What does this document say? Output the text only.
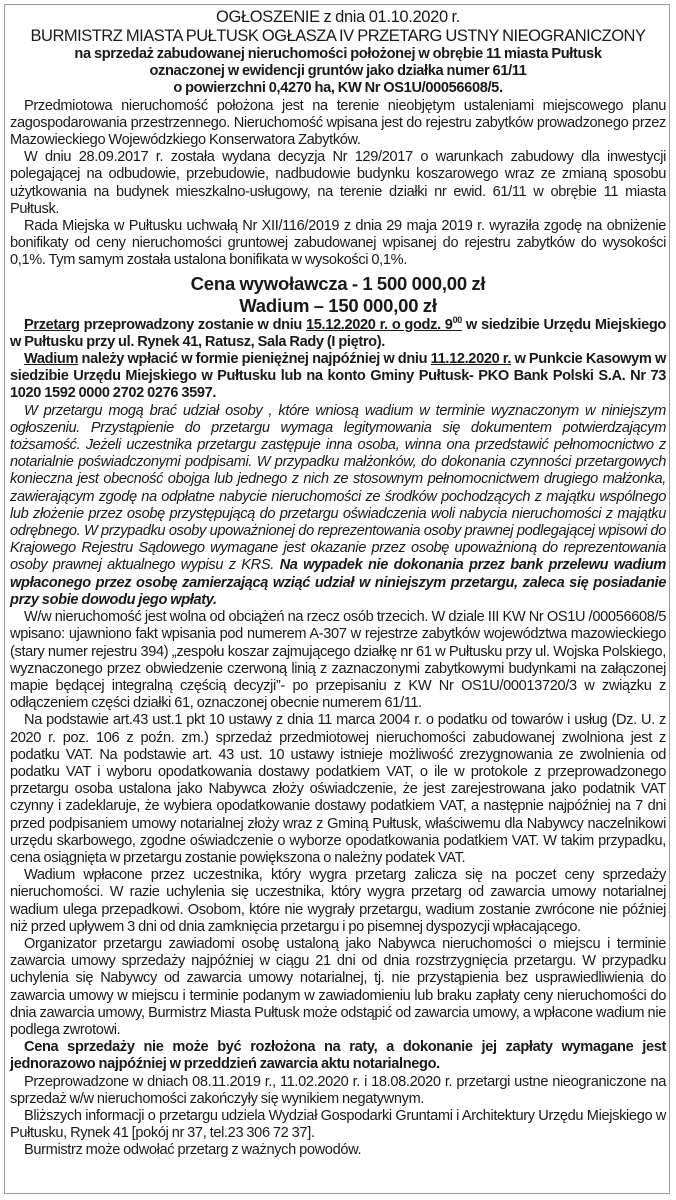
OGŁOSZENIE z dnia 01.10.2020 r.
BURMISTRZ MIASTA PUŁTUSK OGŁASZA IV PRZETARG USTNY NIEOGRANICZONY
na sprzedaż zabudowanej nieruchomości położonej w obrębie 11 miasta Pułtusk
oznaczonej w ewidencji gruntów jako działka numer 61/11
o powierzchni 0,4270 ha, KW Nr OS1U/00056608/5.

Przedmiotowa nieruchomość położona jest na terenie nieobjętym ustaleniami miejscowego planu zagospodarowania przestrzennego. Nieruchomość wpisana jest do rejestru zabytków prowadzonego przez Mazowieckiego Wojewódzkiego Konserwatora Zabytków.

W dniu 28.09.2017 r. została wydana decyzja Nr 129/2017 o warunkach zabudowy dla inwestycji polegającej na odbudowie, przebudowie, nadbudowie budynku koszarowego wraz ze zmianą sposobu użytkowania na budynek mieszkalno-usługowy, na terenie działki nr ewid. 61/11 w obrębie 11 miasta Pułtusk.

Rada Miejska w Pułtusku uchwałą Nr XII/116/2019 z dnia 29 maja 2019 r. wyraziła zgodę na obniżenie bonifikaty od ceny nieruchomości gruntowej zabudowanej wpisanej do rejestru zabytków do wysokości 0,1%. Tym samym została ustalona bonifikata w wysokości 0,1%.

Cena wywoławcza - 1 500 000,00 zł
Wadium – 150 000,00 zł

Przetarg przeprowadzony zostanie w dniu 15.12.2020 r. o godz. $9^{00}$ w siedzibie Urzędu Miejskiego w Pułtusku przy ul. Rynek 41, Ratusz, Sala Rady (I piętro).

Wadium należy wpłacić w formie pieniężnej najpóźniej w dniu 11.12.2020 r. w Punkcie Kasowym w siedzibie Urzędu Miejskiego w Pułtusku lub na konto Gminy Pułtusk- PKO Bank Polski S.A. Nr 73 1020 1592 0000 2702 0276 3597.

W przetargu mogą brać udział osoby , które wniosą wadium w terminie wyznaczonym w niniejszym ogłoszeniu. Przystąpienie do przetargu wymaga legitymowania się dokumentem potwierdzającym tożsamość. Jeżeli uczestnika przetargu zastępuje inna osoba, winna ona przedstawić pełnomocnictwo z notarialnie poświadczonymi podpisami. W przypadku małżonków, do dokonania czynności przetargowych konieczna jest obecność obojga lub jednego z nich ze stosownym pełnomocnictwem drugiego małżonka, zawierającym zgodę na odpłatne nabycie nieruchomości ze środków pochodzących z majątku wspólnego lub złożenie przez osobę przystępującą do przetargu oświadczenia woli nabycia nieruchomości z majątku odrębnego. W przypadku osoby upoważnionej do reprezentowania osoby prawnej podlegającej wpisowi do Krajowego Rejestru Sądowego wymagane jest okazanie przez osobę upoważnioną do reprezentowania osoby prawnej aktualnego wypisu z KRS. Na wypadek nie dokonania przez bank przelewu wadium wpłaconego przez osobę zamierzającą wziąć udział w niniejszym przetargu, zaleca się posiadanie przy sobie dowodu jego wpłaty.

W/w nieruchomość jest wolna od obciążeń na rzecz osób trzecich. W dziale III KW Nr OS1U /00056608/5 wpisano: ujawniono fakt wpisania pod numerem A-307 w rejestrze zabytków województwa mazowieckiego (stary numer rejestru 394) „zespołu koszar zajmującego działkę nr 61 w Pułtusku przy ul. Wojska Polskiego, wyznaczonego przez obwiedzenie czerwoną linią z zaznaczonymi zabytkowymi budynkami na załączonej mapie będącej integralną częścią decyzji”- po przepisaniu z KW Nr OS1U/00013720/3 w związku z odłączeniem części działki 61, oznaczonej obecnie numerem 61/11.

Na podstawie art.43 ust.1 pkt 10 ustawy z dnia 11 marca 2004 r. o podatku od towarów i usług (Dz. U. z 2020 r. poz. 106 z poźn. zm.) sprzedaż przedmiotowej nieruchomości zabudowanej zwolniona jest z podatku VAT. Na podstawie art. 43 ust. 10 ustawy istnieje możliwość zrezygnowania ze zwolnienia od podatku VAT i wyboru opodatkowania dostawy podatkiem VAT, o ile w protokole z przeprowadzonego przetargu osoba ustalona jako Nabywca złoży oświadczenie, że jest zarejestrowana jako podatnik VAT czynny i zadeklaruje, że wybiera opodatkowanie dostawy podatkiem VAT, a następnie najpóźniej na 7 dni przed podpisaniem umowy notarialnej złoży wraz z Gminą Pułtusk, właściwemu dla Nabywcy naczelnikowi urzędu skarbowego, zgodne oświadczenie o wyborze opodatkowania podatkiem VAT. W takim przypadku, cena osiągnięta w przetargu zostanie powiększona o należny podatek VAT.

Wadium wpłacone przez uczestnika, który wygra przetarg zalicza się na poczet ceny sprzedaży nieruchomości. W razie uchylenia się uczestnika, który wygra przetarg od zawarcia umowy notarialnej wadium ulega przepadkowi. Osobom, które nie wygrały przetargu, wadium zostanie zwrócone nie później niż przed upływem 3 dni od dnia zamknięcia przetargu i po pisemnej dyspozycji wpłacającego.

Organizator przetargu zawiadomi osobę ustaloną jako Nabywca nieruchomości o miejscu i terminie zawarcia umowy sprzedaży najpóźniej w ciągu 21 dni od dnia rozstrzygnięcia przetargu. W przypadku uchylenia się Nabywcy od zawarcia umowy notarialnej, tj. nie przystąpienia bez usprawiedliwienia do zawarcia umowy w miejscu i terminie podanym w zawiadomieniu lub braku zapłaty ceny nieruchomości do dnia zawarcia umowy, Burmistrz Miasta Pułtusk może odstąpić od zawarcia umowy, a wpłacone wadium nie podlega zwrotowi.

Cena sprzedaży nie może być rozłożona na raty, a dokonanie jej zapłaty wymagane jest jednorazowo najpóźniej w przeddzień zawarcia aktu notarialnego.

Przeprowadzone w dniach 08.11.2019 r., 11.02.2020 r. i 18.08.2020 r. przetargi ustne nieograniczone na sprzedaż w/w nieruchomości zakończyły się wynikiem negatywnym.

Bliższych informacji o przetargu udziela Wydział Gospodarki Gruntami i Architektury Urzędu Miejskiego w Pułtusku, Rynek 41 [pokój nr 37, tel.23 306 72 37].

Burmistrz może odwołać przetarg z ważnych powodów.
